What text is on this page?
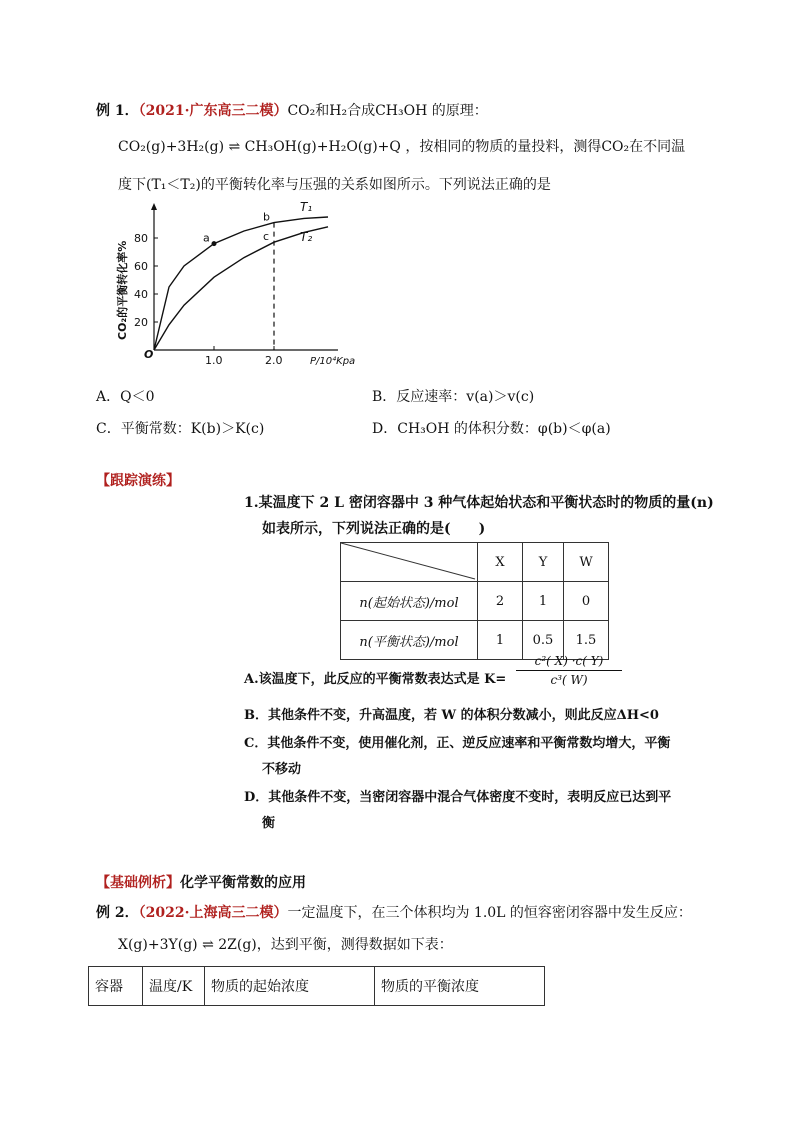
例 1．（2021·广东高三二模）CO₂和H₂合成CH₃OH 的原理：
CO₂(g)+3H₂(g) ⇌ CH₃OH(g)+H₂O(g)+Q ，按相同的物质的量投料，测得CO₂在不同温
度下(T₁＜T₂)的平衡转化率与压强的关系如图所示。下列说法正确的是
O
20
40
60
80
1.0	2.0	P/10⁴Kpa
CO₂的平衡转化率%
T₁
T₂
a
b
c
A．Q＜0	B．反应速率：v(a)＞v(c)
C．平衡常数：K(b)＞K(c)	D．CH₃OH 的体积分数：φ(b)＜φ(a)
【跟踪演练】
1.某温度下 2 L 密闭容器中 3 种气体起始状态和平衡状态时的物质的量(n)
如表所示，下列说法正确的是(　　)
	X	Y	W
n(起始状态)/mol	2	1	0
n(平衡状态)/mol	1	0.5	1.5
A.该温度下，此反应的平衡常数表达式是 $K= \frac{\text{c²( X) ·c( Y)}}{\text{c³( W)}}$
B．其他条件不变，升高温度，若 W 的体积分数减小，则此反应ΔH<0
C．其他条件不变，使用催化剂，正、逆反应速率和平衡常数均增大，平衡
不移动
D．其他条件不变，当密闭容器中混合气体密度不变时，表明反应已达到平
衡
【基础例析】化学平衡常数的应用
例 2．（2022·上海高三二模）一定温度下，在三个体积均为 1.0L 的恒容密闭容器中发生反应：
X(g)+3Y(g) ⇌ 2Z(g)，达到平衡，测得数据如下表：
容器	温度/K	物质的起始浓度	物质的平衡浓度
